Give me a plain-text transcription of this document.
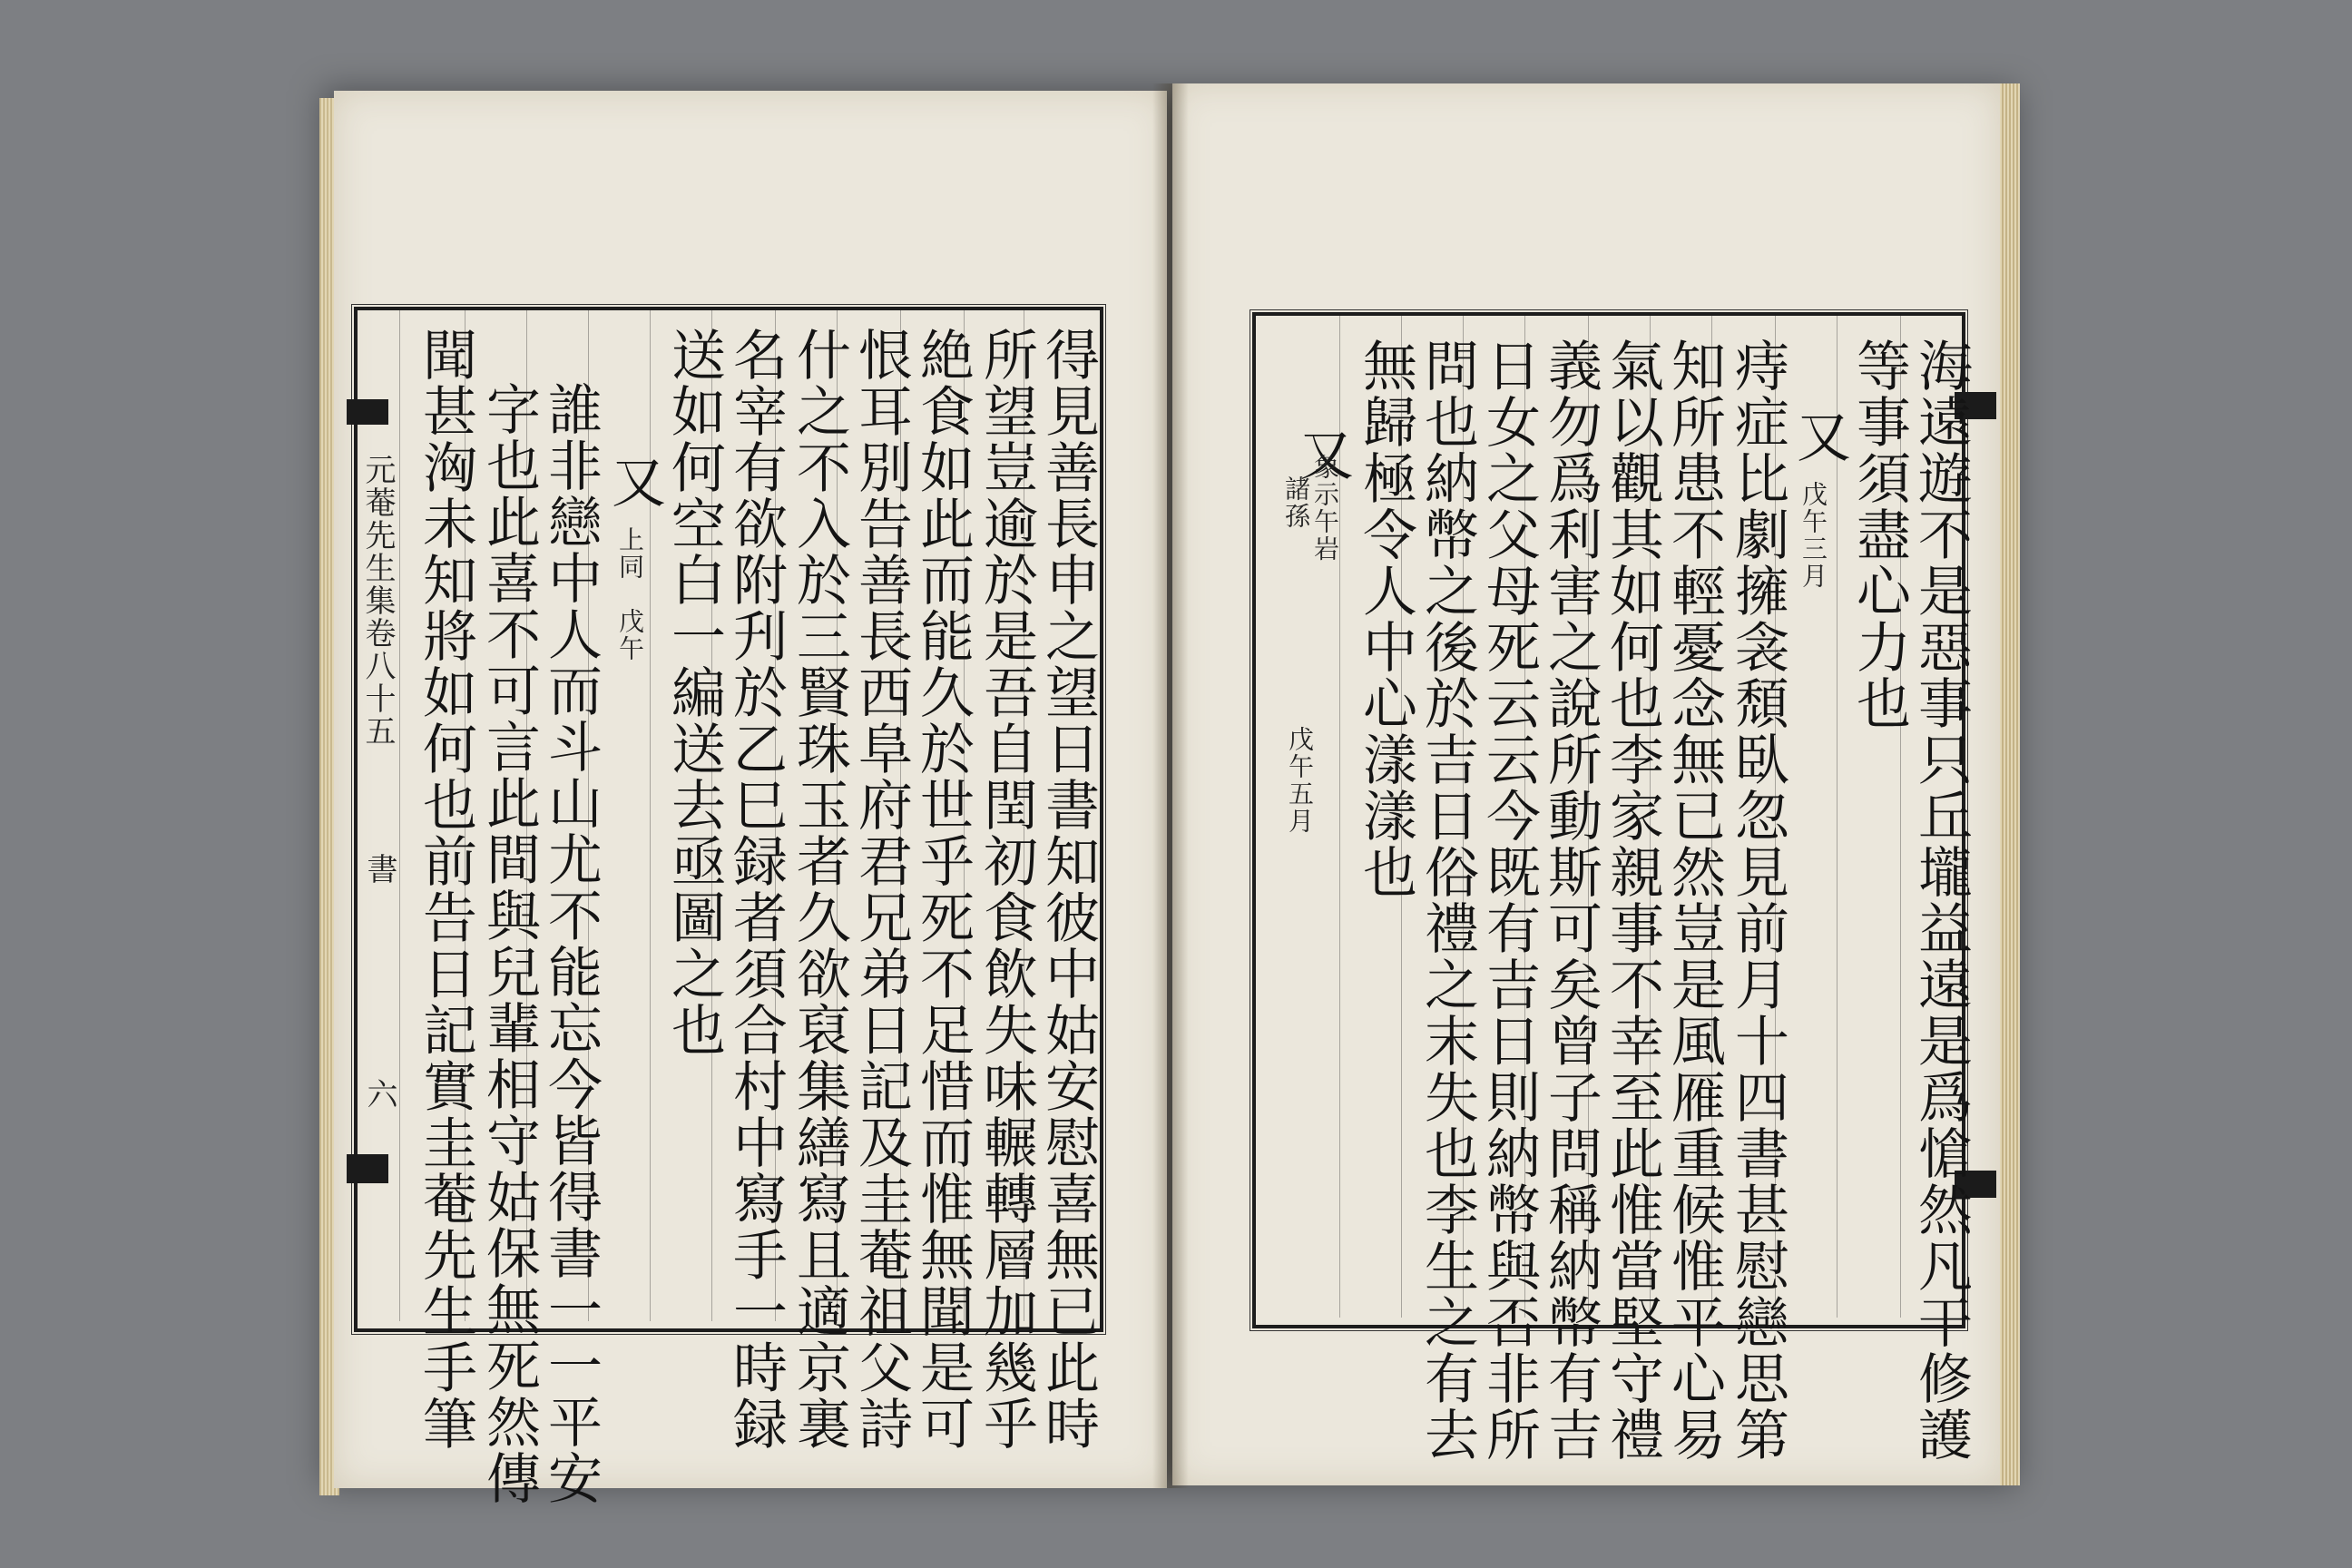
元菴先生集卷八十五
書
六	得見善長申之望日書知彼中姑安慰喜無已此時
所望豈逾於是吾自閏初食飲失味輾轉層加幾乎
絶食如此而能久於世乎死不足惜而惟無聞是可
恨耳別告善長西阜府君兄弟日記及圭菴祖父詩
什之不入於三賢珠玉者久欲裒集繕寫且適京裏
名宰有欲附刋於乙巳録者須合村中寫手一時録
送如何空白一編送去亟圖之也
又
上同　戊午
誰非戀中人而斗山尤不能忘今皆得書一一平安
字也此喜不可言此間與兒輩相守姑保無死然傳
聞甚洶未知將如何也前告日記實圭菴先生手筆	海遠遊不是惡事只丘壠益遠是爲愴然凡干修護
等事須盡心力也
又
戊午三月
痔症比劇擁衾頹臥忽見前月十四書甚慰戀思第
知所患不輕憂念無已然豈是風雁重候惟平心易
氣以觀其如何也李家親事不幸至此惟當堅守禮
義勿爲利害之說所動斯可矣曾子問稱納幣有吉
日女之父母死云云今既有吉日則納幣與否非所
問也納幣之後於吉日俗禮之末失也李生之有去
無歸極令人中心漾漾也
又
象示午岩
諸孫
戊午五月
